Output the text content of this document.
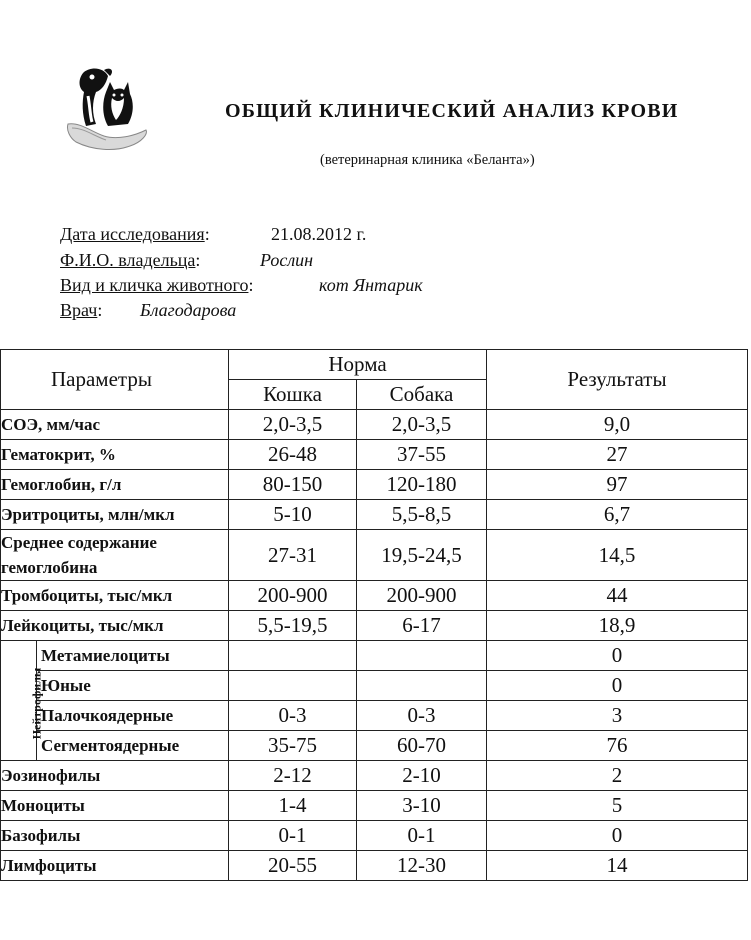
ОБЩИЙ КЛИНИЧЕСКИЙ АНАЛИЗ КРОВИ
(ветеринарная клиника «Беланта»)
Дата исследования:	21.08.2012 г.
Ф.И.О. владельца:	Рослин
Вид и кличка животного:	кот Янтарик
Врач: Благодарова
Параметры		Норма		Результаты
		Кошка	Собака	
СОЭ, мм/час		2,0-3,5	2,0-3,5	9,0
Гематокрит, %		26-48	37-55	27
Гемоглобин, г/л		80-150	120-180	97
Эритроциты, млн/мкл		5-10	5,5-8,5	6,7
Среднее содержание гемоглобина		27-31	19,5-24,5	14,5
Тромбоциты, тыс/мкл		200-900	200-900	44
Лейкоциты, тыс/мкл		5,5-19,5	6-17	18,9
Нейтрофилы	Метамиелоциты			0
	Юные			0
	Палочкоядерные	0-3	0-3	3
	Сегментоядерные	35-75	60-70	76
Эозинофилы		2-12	2-10	2
Моноциты		1-4	3-10	5
Базофилы		0-1	0-1	0
Лимфоциты		20-55	12-30	14
